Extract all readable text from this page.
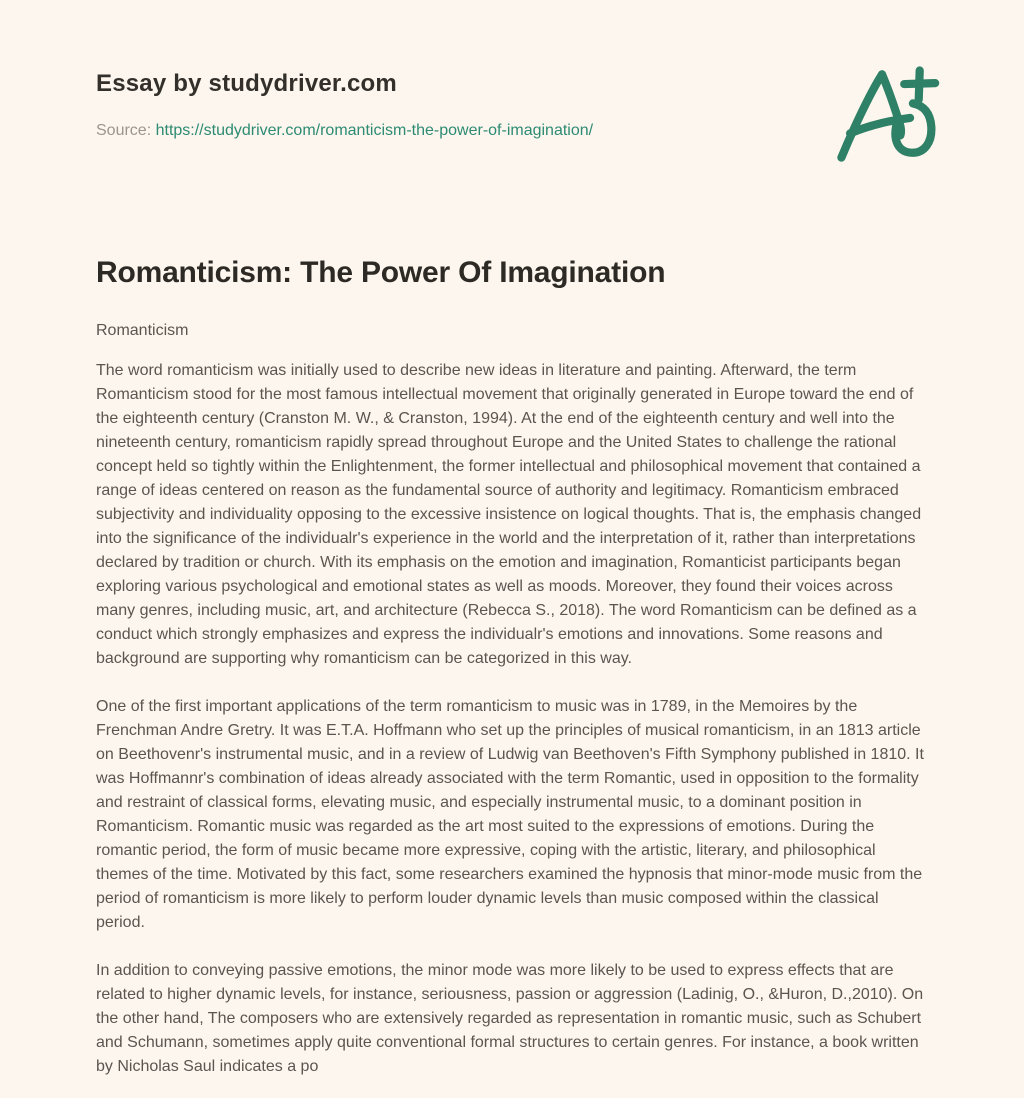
Essay by studydriver.com
Source: https://studydriver.com/romanticism-the-power-of-imagination/
Romanticism: The Power Of Imagination
Romanticism

The word romanticism was initially used to describe new ideas in literature and painting. Afterward, the term Romanticism stood for the most famous intellectual movement that originally generated in Europe toward the end of the eighteenth century (Cranston M. W., & Cranston, 1994). At the end of the eighteenth century and well into the nineteenth century, romanticism rapidly spread throughout Europe and the United States to challenge the rational concept held so tightly within the Enlightenment, the former intellectual and philosophical movement that contained a range of ideas centered on reason as the fundamental source of authority and legitimacy. Romanticism embraced subjectivity and individuality opposing to the excessive insistence on logical thoughts. That is, the emphasis changed into the significance of the individualr's experience in the world and the interpretation of it, rather than interpretations declared by tradition or church. With its emphasis on the emotion and imagination, Romanticist participants began exploring various psychological and emotional states as well as moods. Moreover, they found their voices across many genres, including music, art, and architecture (Rebecca S., 2018). The word Romanticism can be defined as a conduct which strongly emphasizes and express the individualr's emotions and innovations. Some reasons and background are supporting why romanticism can be categorized in this way.

One of the first important applications of the term romanticism to music was in 1789, in the Memoires by the Frenchman Andre Gretry. It was E.T.A. Hoffmann who set up the principles of musical romanticism, in an 1813 article on Beethovenr's instrumental music, and in a review of Ludwig van Beethoven's Fifth Symphony published in 1810. It was Hoffmannr's combination of ideas already associated with the term Romantic, used in opposition to the formality and restraint of classical forms, elevating music, and especially instrumental music, to a dominant position in Romanticism. Romantic music was regarded as the art most suited to the expressions of emotions. During the romantic period, the form of music became more expressive, coping with the artistic, literary, and philosophical themes of the time. Motivated by this fact, some researchers examined the hypnosis that minor-mode music from the period of romanticism is more likely to perform louder dynamic levels than music composed within the classical period.

In addition to conveying passive emotions, the minor mode was more likely to be used to express effects that are related to higher dynamic levels, for instance, seriousness, passion or aggression (Ladinig, O., &Huron, D.,2010). On the other hand, The composers who are extensively regarded as representation in romantic music, such as Schubert and Schumann, sometimes apply quite conventional formal structures to certain genres. For instance, a book written by Nicholas Saul indicates a po
